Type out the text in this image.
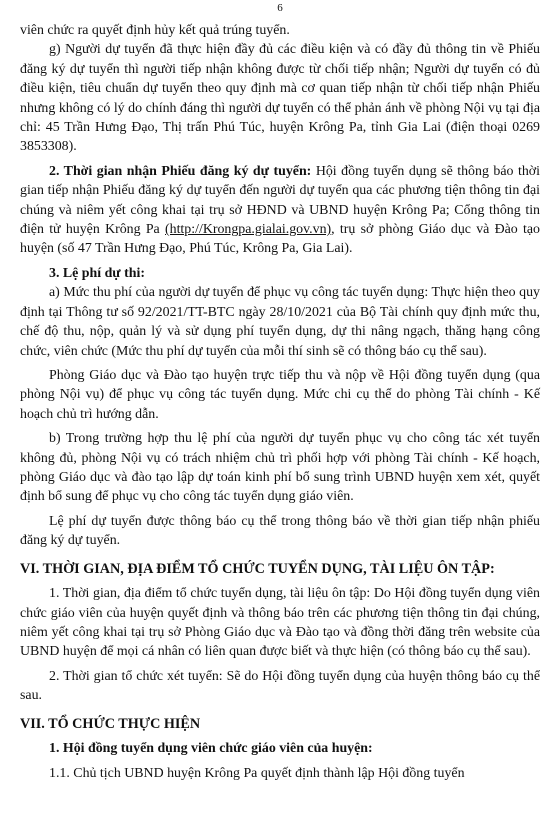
6

viên chức ra quyết định hủy kết quả trúng tuyển.

g) Người dự tuyển đã thực hiện đầy đủ các điều kiện và có đầy đủ thông tin về Phiếu đăng ký dự tuyển thì người tiếp nhận không được từ chối tiếp nhận; Người dự tuyển có đủ điều kiện, tiêu chuẩn dự tuyển theo quy định mà cơ quan tiếp nhận từ chối tiếp nhận Phiếu nhưng không có lý do chính đáng thì người dự tuyển có thể phản ánh về phòng Nội vụ tại địa chỉ: 45 Trần Hưng Đạo, Thị trấn Phú Túc, huyện Krông Pa, tỉnh Gia Lai (điện thoại 0269 3853308).

2. Thời gian nhận Phiếu đăng ký dự tuyển: Hội đồng tuyển dụng sẽ thông báo thời gian tiếp nhận Phiếu đăng ký dự tuyển đến người dự tuyển qua các phương tiện thông tin đại chúng và niêm yết công khai tại trụ sở HĐND và UBND huyện Krông Pa; Cổng thông tin điện tử huyện Krông Pa (http://Krongpa.gialai.gov.vn), trụ sở phòng Giáo dục và Đào tạo huyện (số 47 Trần Hưng Đạo, Phú Túc, Krông Pa, Gia Lai).

3. Lệ phí dự thi:

a) Mức thu phí của người dự tuyển để phục vụ công tác tuyển dụng: Thực hiện theo quy định tại Thông tư số 92/2021/TT-BTC ngày 28/10/2021 của Bộ Tài chính quy định mức thu, chế độ thu, nộp, quản lý và sử dụng phí tuyển dụng, dự thi nâng ngạch, thăng hạng công chức, viên chức (Mức thu phí dự tuyển của mỗi thí sinh sẽ có thông báo cụ thể sau).

Phòng Giáo dục và Đào tạo huyện trực tiếp thu và nộp về Hội đồng tuyển dụng (qua phòng Nội vụ) để phục vụ công tác tuyển dụng. Mức chi cụ thể do phòng Tài chính - Kế hoạch chủ trì hướng dẫn.

b) Trong trường hợp thu lệ phí của người dự tuyển phục vụ cho công tác xét tuyển không đủ, phòng Nội vụ có trách nhiệm chủ trì phối hợp với phòng Tài chính - Kế hoạch, phòng Giáo dục và đào tạo lập dự toán kinh phí bổ sung trình UBND huyện xem xét, quyết định bổ sung để phục vụ cho công tác tuyển dụng giáo viên.

Lệ phí dự tuyển được thông báo cụ thể trong thông báo về thời gian tiếp nhận phiếu đăng ký dự tuyển.

VI. THỜI GIAN, ĐỊA ĐIỂM TỔ CHỨC TUYỂN DỤNG, TÀI LIỆU ÔN TẬP:

1. Thời gian, địa điểm tổ chức tuyển dụng, tài liệu ôn tập: Do Hội đồng tuyển dụng viên chức giáo viên của huyện quyết định và thông báo trên các phương tiện thông tin đại chúng, niêm yết công khai tại trụ sở Phòng Giáo dục và Đào tạo và đồng thời đăng trên website của UBND huyện để mọi cá nhân có liên quan được biết và thực hiện (có thông báo cụ thể sau).

2. Thời gian tổ chức xét tuyển: Sẽ do Hội đồng tuyển dụng của huyện thông báo cụ thể sau.

VII. TỔ CHỨC THỰC HIỆN

1. Hội đồng tuyển dụng viên chức giáo viên của huyện:

1.1. Chủ tịch UBND huyện Krông Pa quyết định thành lập Hội đồng tuyển
